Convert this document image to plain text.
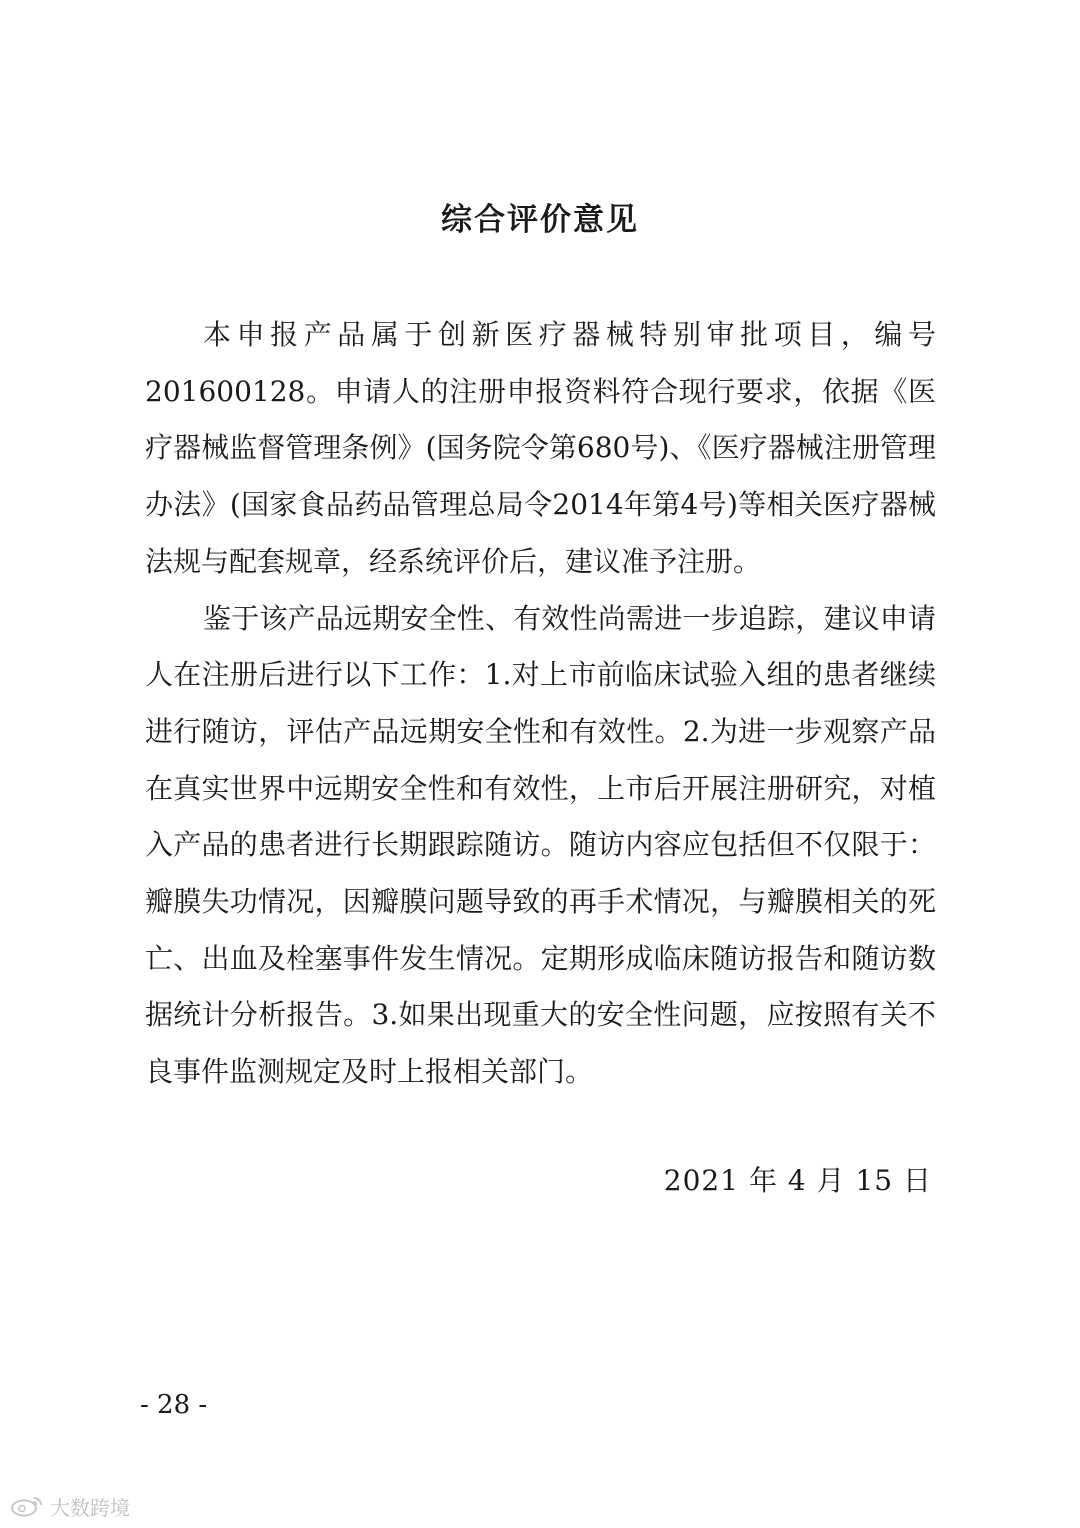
综合评价意见

本申报产品属于创新医疗器械特别审批项目，编号201600128。申请人的注册申报资料符合现行要求，依据《医疗器械监督管理条例》(国务院令第680号)、《医疗器械注册管理办法》(国家食品药品管理总局令2014年第4号)等相关医疗器械法规与配套规章，经系统评价后，建议准予注册。

鉴于该产品远期安全性、有效性尚需进一步追踪，建议申请人在注册后进行以下工作：1.对上市前临床试验入组的患者继续进行随访，评估产品远期安全性和有效性。2.为进一步观察产品在真实世界中远期安全性和有效性，上市后开展注册研究，对植入产品的患者进行长期跟踪随访。随访内容应包括但不仅限于：瓣膜失功情况，因瓣膜问题导致的再手术情况，与瓣膜相关的死亡、出血及栓塞事件发生情况。定期形成临床随访报告和随访数据统计分析报告。3.如果出现重大的安全性问题，应按照有关不良事件监测规定及时上报相关部门。

2021 年 4 月 15 日
- 28 -
大数跨境
